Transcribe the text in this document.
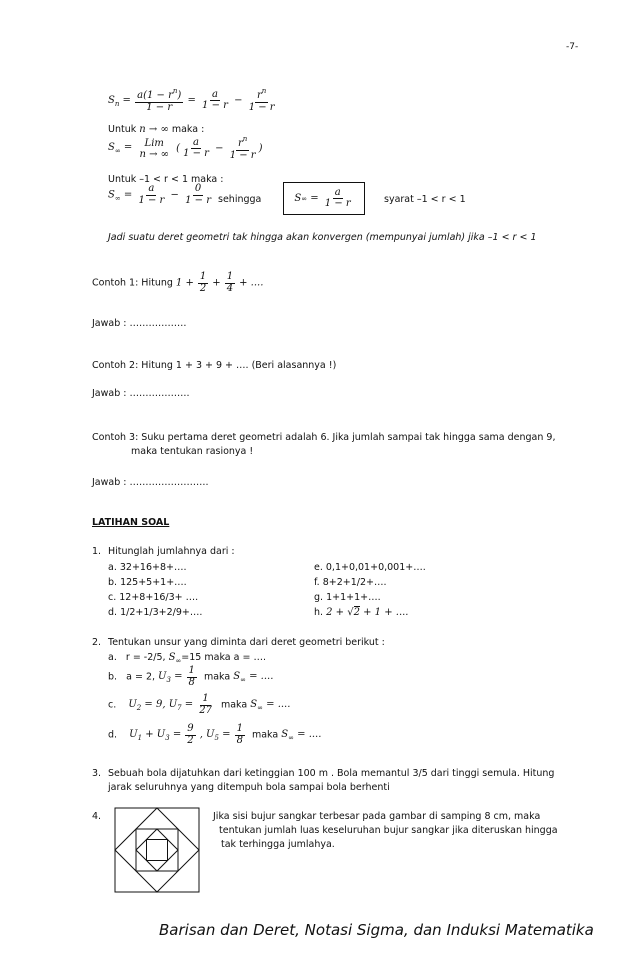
-7-
$S_n = \frac{a(1 - r^n)}{1 - r} = \frac{a}{1 - r} - \frac{r^n}{1 - r}$
Untuk n → ∞ maka :
$S_\infty$ = Lim
n → ∞ ( $\frac{a}{1 - r} - \frac{r^n}{1 - r}$ )
Untuk –1 < r < 1 maka :
$S_\infty = \frac{a}{1 - r} - \frac{0}{1 - r}$ sehingga	S ∞ = $\frac{a}{1 - r}$	syarat –1 < r < 1
Jadi suatu deret geometri tak hingga akan konvergen (mempunyai jumlah) jika –1 < r < 1
Contoh 1: Hitung $1 + \frac{1}{2} + \frac{1}{4}$ + ....
Jawab : ………………
Contoh 2: Hitung 1 + 3 + 9 + …. (Beri alasannya !)
Jawab : ……………….
Contoh 3: Suku pertama deret geometri adalah 6. Jika jumlah sampai tak hingga sama dengan 9,
maka tentukan rasionya !
Jawab : …………………….
LATIHAN SOAL
1. Hitunglah jumlahnya dari :
a. 32+16+8+….
b. 125+5+1+….
c. 12+8+16/3+ ….
d. 1/2+1/3+2/9+….
e. 0,1+0,01+0,001+….
f. 8+2+1/2+….
g. 1+1+1+….
h. 2 + √2 + 1 + ....
2. Tentukan unsur yang diminta dari deret geometri berikut :
a. r = -2/5, $S_\infty=15$ maka a = ….
b. a = 2, $U_3 = \frac{1}{8}$ maka $S_\infty$ = ....
c. $U_2 = 9$, $U_7 = \frac{1}{27}$ maka $S_\infty$ = ....
d. $U_1 + U_3 = \frac{9}{2}$ , $U_5 = \frac{1}{8}$ maka $S_\infty$ = ....
3. Sebuah bola dijatuhkan dari ketinggian 100 m . Bola memantul 3/5 dari tinggi semula. Hitung
jarak seluruhnya yang ditempuh bola sampai bola berhenti
4.	Jika sisi bujur sangkar terbesar pada gambar di samping 8 cm, maka
tentukan jumlah luas keseluruhan bujur sangkar jika diteruskan hingga
tak terhingga jumlahya.
Barisan dan Deret, Notasi Sigma, dan Induksi Matematika
